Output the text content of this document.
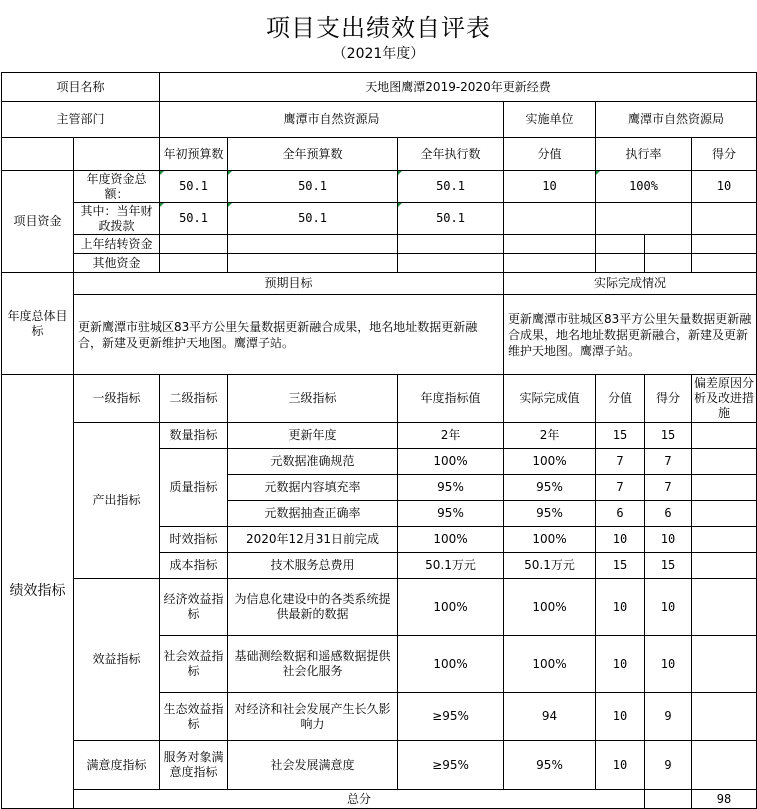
项目支出绩效自评表
（2021年度）
项目名称		天地图鹰潭2019-2020年更新经费							
主管部门		鹰潭市自然资源局			实施单位	鹰潭市自然资源局			
		年初预算数	全年预算数	全年执行数	分值	执行率		得分	
项目资金	年度资金总额：	50.1	50.1	50.1	10	100%		10	
	其中：当年财政拨款	50.1	50.1	50.1					
	上年结转资金								
	其他资金								
年度总体目标	预期目标				实际完成情况				
	更新鹰潭市驻城区83平方公里矢量数据更新融合成果，地名地址数据更新融合，新建及更新维护天地图。鹰潭子站。				更新鹰潭市驻城区83平方公里矢量数据更新融合成果，地名地址数据更新融合，新建及更新维护天地图。鹰潭子站。				
绩效指标	一级指标	二级指标	三级指标	年度指标值	实际完成值	分值	得分	偏差原因分析及改进措施	
	产出指标	数量指标	更新年度	2年	2年	15	15		
		质量指标	元数据准确规范	100%	100%	7	7		
			元数据内容填充率	95%	95%	7	7		
			元数据抽查正确率	95%	95%	6	6		
		时效指标	2020年12月31日前完成	100%	100%	10	10		
		成本指标	技术服务总费用	50.1万元	50.1万元	15	15		
	效益指标	经济效益指标	为信息化建设中的各类系统提供最新的数据	100%	100%	10	10		
		社会效益指标	基础测绘数据和遥感数据提供社会化服务	100%	100%	10	10		
		生态效益指标	对经济和社会发展产生长久影响力	≥95%	94	10	9		
	满意度指标	服务对象满意度指标	社会发展满意度	≥95%	95%	10	9		
	总分							98	
